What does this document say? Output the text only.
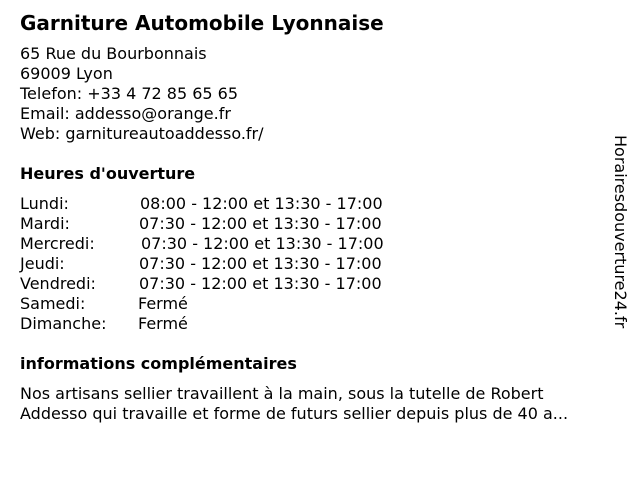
Garniture Automobile Lyonnaise
65 Rue du Bourbonnais
69009 Lyon
Telefon: +33 4 72 85 65 65
Email: addesso@orange.fr
Web: garnitureautoaddesso.fr/
Heures d'ouverture
Lundi:	08:00 - 12:00 et 13:30 - 17:00
Mardi:	07:30 - 12:00 et 13:30 - 17:00
Mercredi:	07:30 - 12:00 et 13:30 - 17:00
Jeudi:	07:30 - 12:00 et 13:30 - 17:00
Vendredi:	07:30 - 12:00 et 13:30 - 17:00
Samedi:	Fermé
Dimanche: Fermé
informations complémentaires
Nos artisans sellier travaillent à la main, sous la tutelle de Robert
Addesso qui travaille et forme de futurs sellier depuis plus de 40 a...
Horairesdouverture24.fr
